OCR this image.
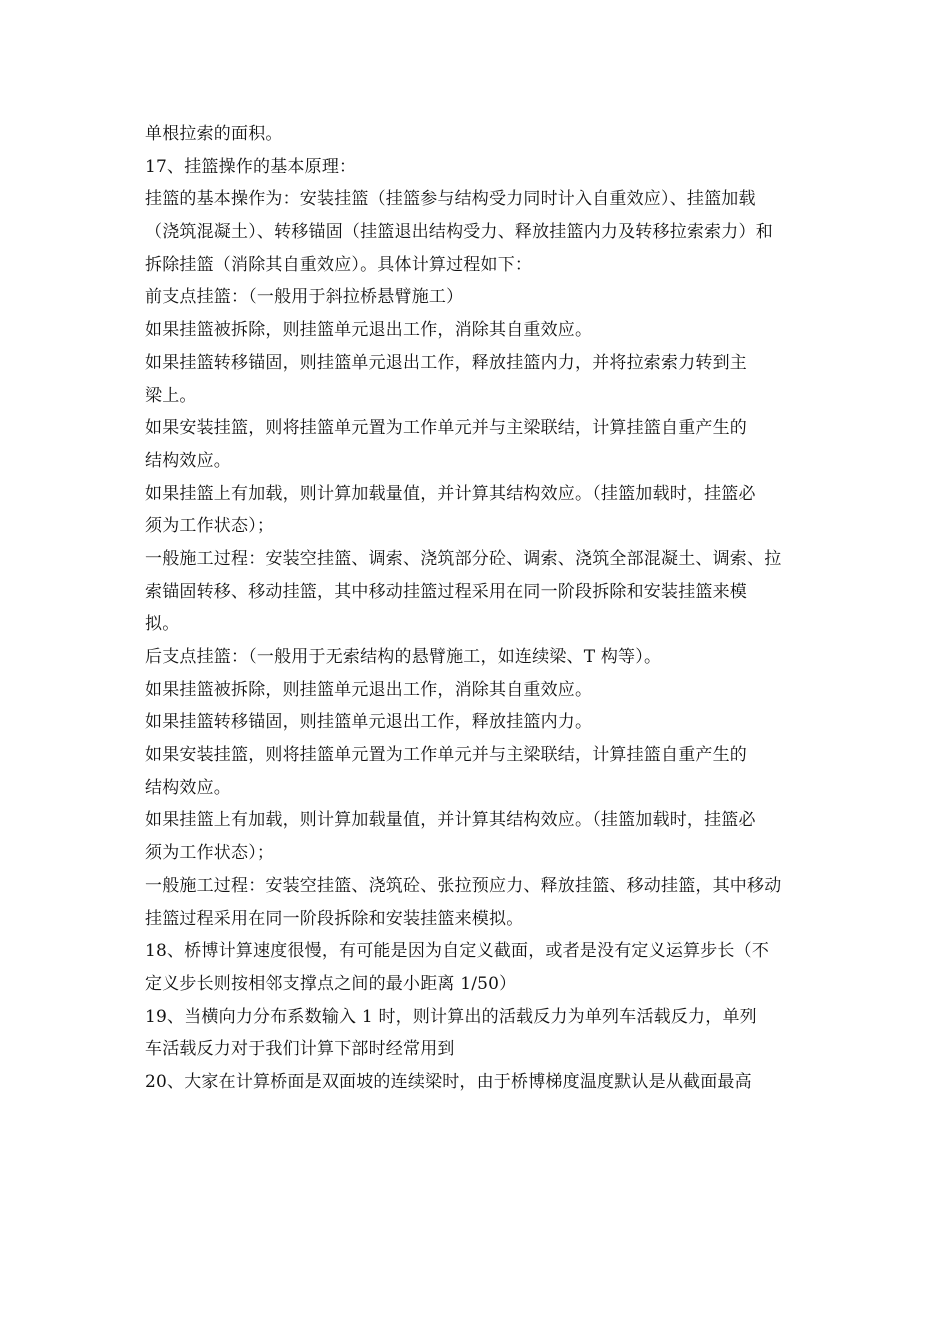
单根拉索的面积。
17、挂篮操作的基本原理：
挂篮的基本操作为：安装挂篮（挂篮参与结构受力同时计入自重效应）、挂篮加载
（浇筑混凝土）、转移锚固（挂篮退出结构受力、释放挂篮内力及转移拉索索力）和
拆除挂篮（消除其自重效应）。具体计算过程如下：
前支点挂篮：（一般用于斜拉桥悬臂施工）
如果挂篮被拆除，则挂篮单元退出工作，消除其自重效应。
如果挂篮转移锚固，则挂篮单元退出工作，释放挂篮内力，并将拉索索力转到主
梁上。
如果安装挂篮，则将挂篮单元置为工作单元并与主梁联结，计算挂篮自重产生的
结构效应。
如果挂篮上有加载，则计算加载量值，并计算其结构效应。（挂篮加载时，挂篮必
须为工作状态）；
一般施工过程：安装空挂篮、调索、浇筑部分砼、调索、浇筑全部混凝土、调索、拉
索锚固转移、移动挂篮，其中移动挂篮过程采用在同一阶段拆除和安装挂篮来模
拟。
后支点挂篮：（一般用于无索结构的悬臂施工，如连续梁、T 构等）。
如果挂篮被拆除，则挂篮单元退出工作，消除其自重效应。
如果挂篮转移锚固，则挂篮单元退出工作，释放挂篮内力。
如果安装挂篮，则将挂篮单元置为工作单元并与主梁联结，计算挂篮自重产生的
结构效应。
如果挂篮上有加载，则计算加载量值，并计算其结构效应。（挂篮加载时，挂篮必
须为工作状态）；
一般施工过程：安装空挂篮、浇筑砼、张拉预应力、释放挂篮、移动挂篮，其中移动
挂篮过程采用在同一阶段拆除和安装挂篮来模拟。
18、桥博计算速度很慢，有可能是因为自定义截面，或者是没有定义运算步长（不
定义步长则按相邻支撑点之间的最小距离 1/50）
19、当横向力分布系数输入 1 时，则计算出的活载反力为单列车活载反力，单列
车活载反力对于我们计算下部时经常用到
20、大家在计算桥面是双面坡的连续梁时，由于桥博梯度温度默认是从截面最高
